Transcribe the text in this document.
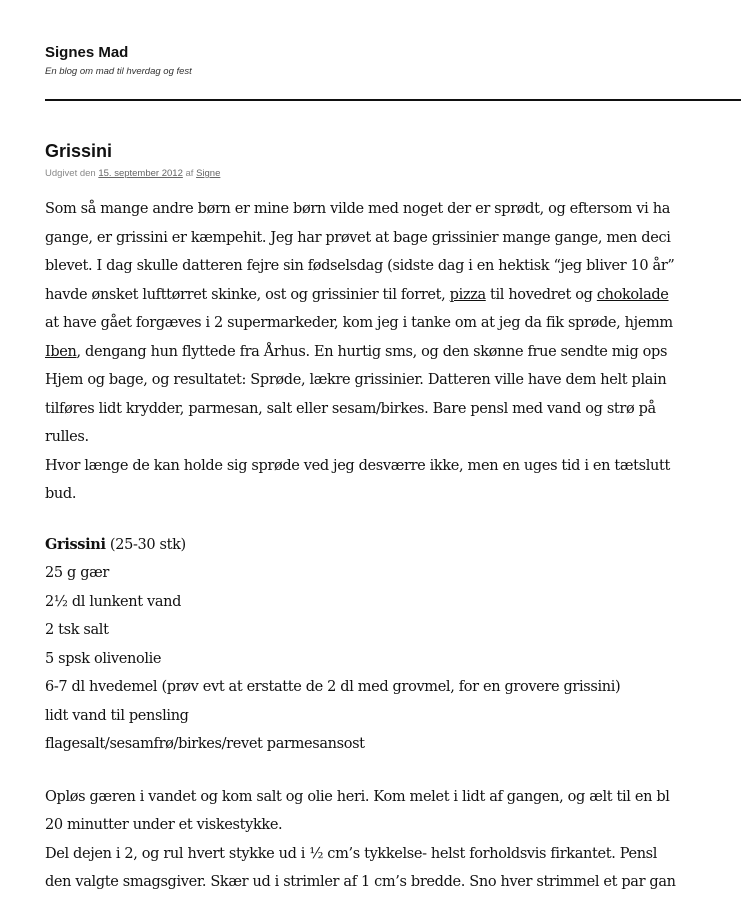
Signes Mad
En blog om mad til hverdag og fest
Grissini
Udgivet den 15. september 2012 af Signe
Som så mange andre børn er mine børn vilde med noget der er sprødt, og eftersom vi ha
gange, er grissini er kæmpehit. Jeg har prøvet at bage grissinier mange gange, men deci
blevet. I dag skulle datteren fejre sin fødselsdag (sidste dag i en hektisk “jeg bliver 10 år”
havde ønsket lufttørret skinke, ost og grissinier til forret, pizza til hovedret og chokolade
at have gået forgæves i 2 supermarkeder, kom jeg i tanke om at jeg da fik sprøde, hjemm
Iben, dengang hun flyttede fra Århus. En hurtig sms, og den skønne frue sendte mig ops
Hjem og bage, og resultatet: Sprøde, lækre grissinier. Datteren ville have dem helt plain
tilføres lidt krydder, parmesan, salt eller sesam/birkes. Bare pensl med vand og strø på
rulles.
Hvor længe de kan holde sig sprøde ved jeg desværre ikke, men en uges tid i en tætslutt
bud.
Grissini (25-30 stk)
25 g gær
2½ dl lunkent vand
2 tsk salt
5 spsk olivenolie
6-7 dl hvedemel (prøv evt at erstatte de 2 dl med grovmel, for en grovere grissini)
lidt vand til pensling
flagesalt/sesamfrø/birkes/revet parmesansost
Opløs gæren i vandet og kom salt og olie heri. Kom melet i lidt af gangen, og ælt til en bl
20 minutter under et viskestykke.
Del dejen i 2, og rul hvert stykke ud i ½ cm’s tykkelse- helst forholdsvis firkantet. Pensl
den valgte smagsgiver. Skær ud i strimler af 1 cm’s bredde. Sno hver strimmel et par gan
